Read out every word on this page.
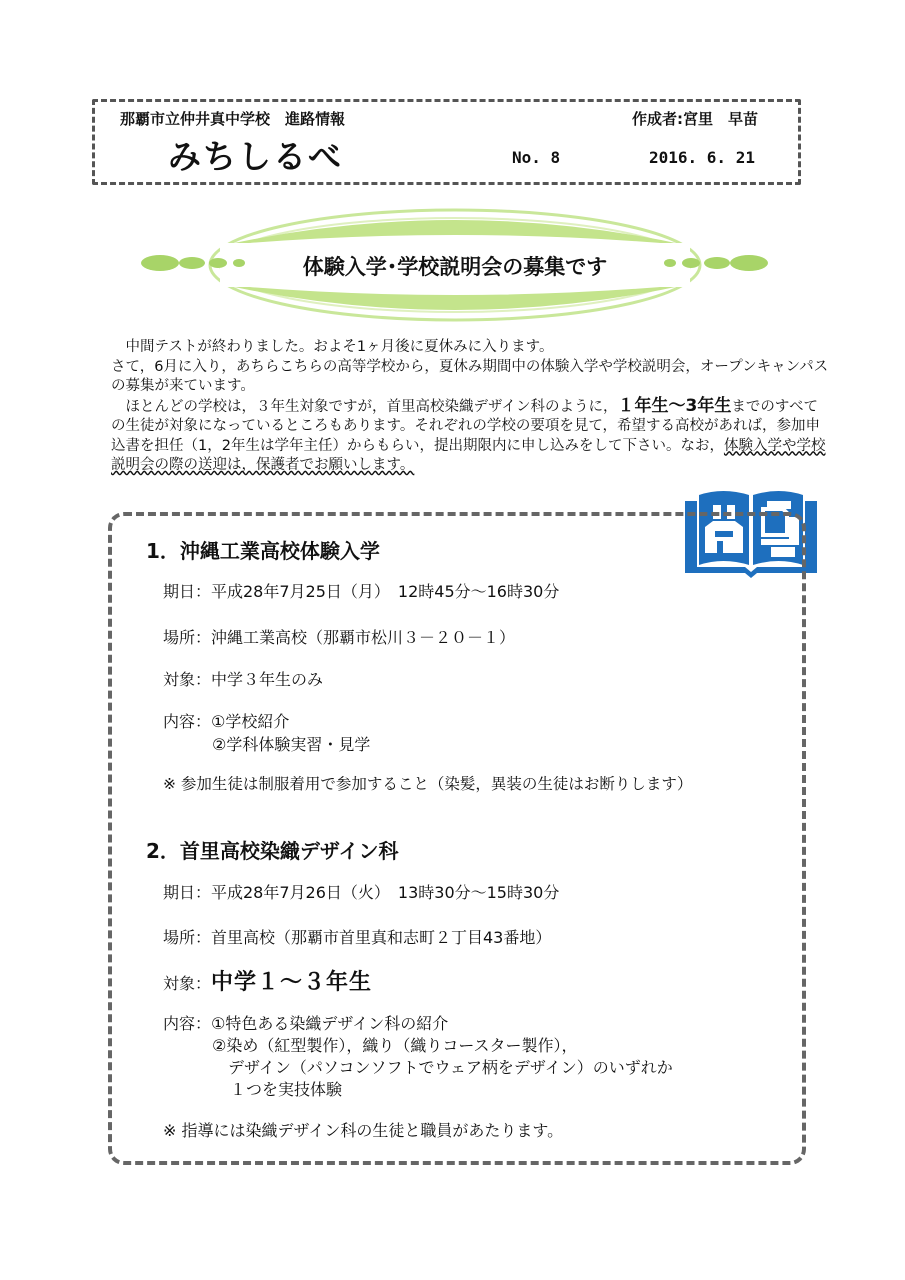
那覇市立仲井真中学校　進路情報	作成者:宮里　早苗
みちしるべ	No. 8	2016. 6. 21
体験入学･学校説明会の募集です

　中間テストが終わりました。およそ1ヶ月後に夏休みに入ります。

さて，6月に入り，あちらこちらの高等学校から，夏休み期間中の体験入学や学校説明会，オープンキャンパスの募集が来ています。

　ほとんどの学校は，３年生対象ですが，首里高校染織デザイン科のように，１年生～3年生までのすべての生徒が対象になっているところもあります。それぞれの学校の要項を見て，希望する高校があれば，参加申込書を担任（1，2年生は学年主任）からもらい，提出期限内に申し込みをして下さい。なお，体験入学や学校説明会の際の送迎は，保護者でお願いします。

1．沖縄工業高校体験入学
期日：平成28年7月25日（月）　12時45分～16時30分
場所：沖縄工業高校（那覇市松川３－２０－１）
対象：中学３年生のみ
内容：①学校紹介
②学科体験実習・見学
※ 参加生徒は制服着用で参加すること（染髪，異装の生徒はお断りします）
2．首里高校染織デザイン科
期日：平成28年7月26日（火）　13時30分～15時30分
場所：首里高校（那覇市首里真和志町２丁目43番地）
対象：中学１～３年生
内容：①特色ある染織デザイン科の紹介
②染め（紅型製作），織り（織りコースター製作），
デザイン（パソコンソフトでウェア柄をデザイン）のいずれか
１つを実技体験
※ 指導には染織デザイン科の生徒と職員があたります。
